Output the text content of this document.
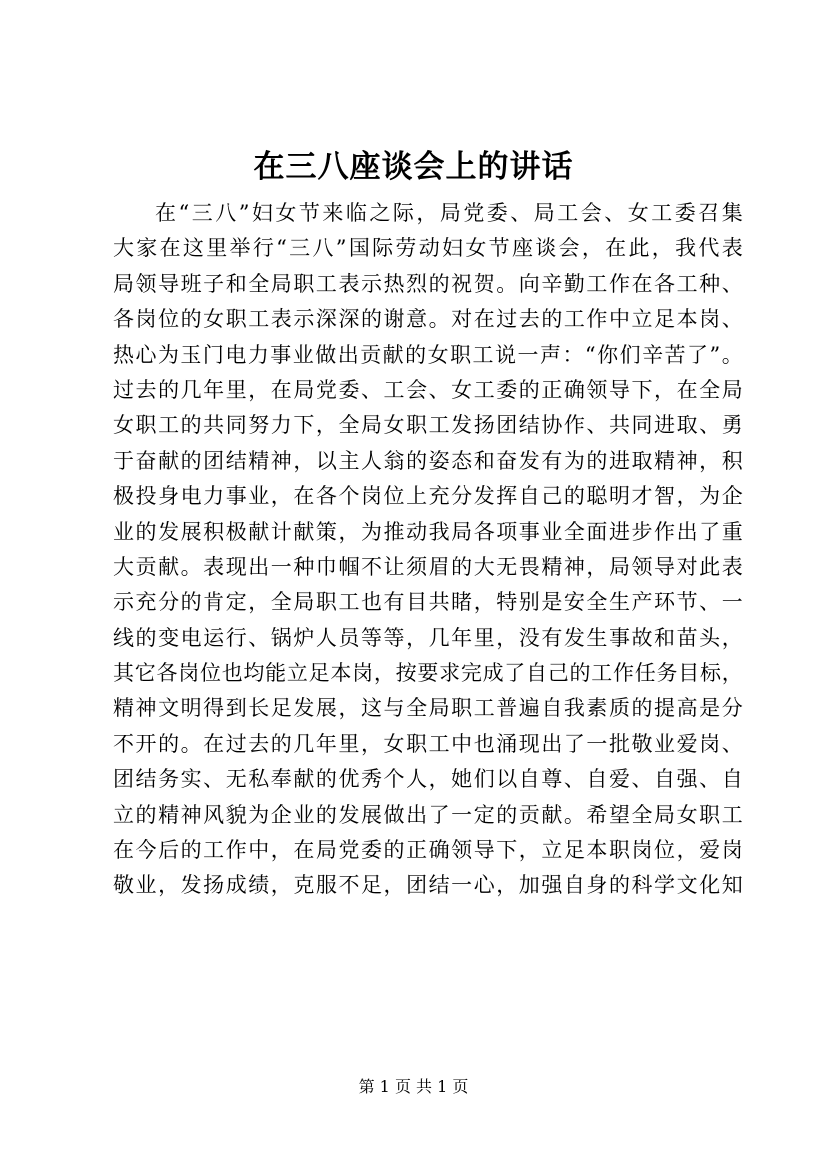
在三八座谈会上的讲话
在“三八”妇女节来临之际，局党委、局工会、女工委召集
大家在这里举行“三八”国际劳动妇女节座谈会，在此，我代表
局领导班子和全局职工表示热烈的祝贺。向辛勤工作在各工种、
各岗位的女职工表示深深的谢意。对在过去的工作中立足本岗、
热心为玉门电力事业做出贡献的女职工说一声：“你们辛苦了”。
过去的几年里，在局党委、工会、女工委的正确领导下，在全局
女职工的共同努力下，全局女职工发扬团结协作、共同进取、勇
于奋献的团结精神，以主人翁的姿态和奋发有为的进取精神，积
极投身电力事业，在各个岗位上充分发挥自己的聪明才智，为企
业的发展积极献计献策，为推动我局各项事业全面进步作出了重
大贡献。表现出一种巾帼不让须眉的大无畏精神，局领导对此表
示充分的肯定，全局职工也有目共睹，特别是安全生产环节、一
线的变电运行、锅炉人员等等，几年里，没有发生事故和苗头，
其它各岗位也均能立足本岗，按要求完成了自己的工作任务目标，
精神文明得到长足发展，这与全局职工普遍自我素质的提高是分
不开的。在过去的几年里，女职工中也涌现出了一批敬业爱岗、
团结务实、无私奉献的优秀个人，她们以自尊、自爱、自强、自
立的精神风貌为企业的发展做出了一定的贡献。希望全局女职工
在今后的工作中，在局党委的正确领导下，立足本职岗位，爱岗
敬业，发扬成绩，克服不足，团结一心，加强自身的科学文化知
第 1 页 共 1 页
